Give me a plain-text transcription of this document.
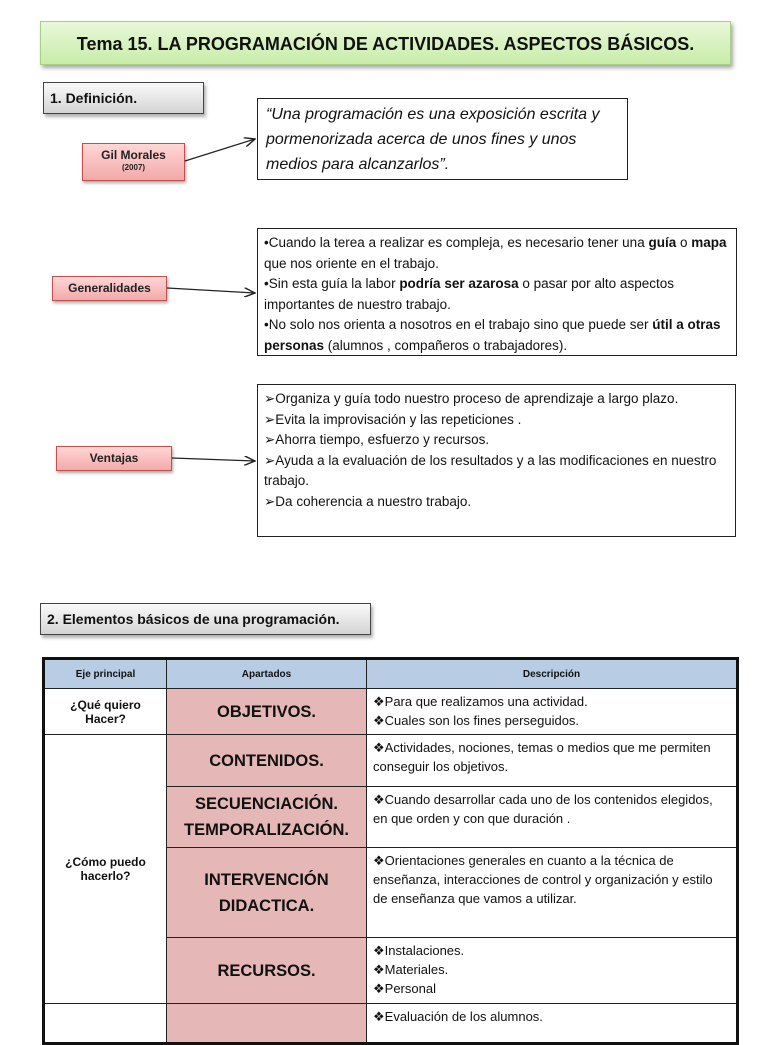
Tema 15. LA PROGRAMACIÓN DE ACTIVIDADES. ASPECTOS BÁSICOS.
1. Definición.
Gil Morales
(2007)
“Una programación es una exposición escrita y pormenorizada acerca de unos fines y unos medios para alcanzarlos”.
Generalidades

•Cuando la terea a realizar es compleja, es necesario tener una guía o mapa que nos oriente en el trabajo.

•Sin esta guía la labor podría ser azarosa o pasar por alto aspectos importantes de nuestro trabajo.

•No solo nos orienta a nosotros en el trabajo sino que puede ser útil a otras personas (alumnos , compañeros o trabajadores).

Ventajas

➢Organiza y guía todo nuestro proceso de aprendizaje a largo plazo.

➢Evita la improvisación y las repeticiones .

➢Ahorra tiempo, esfuerzo y recursos.

➢Ayuda a la evaluación de los resultados y a las modificaciones en nuestro trabajo.

➢Da coherencia a nuestro trabajo.

2. Elementos básicos de una programación.
Eje principal	Apartados	Descripción
¿Qué quiero Hacer?	OBJETIVOS.	❖Para que realizamos una actividad.
❖Cuales son los fines perseguidos.

¿Cómo puedo hacerlo?	CONTENIDOS.	❖Actividades, nociones, temas o medios que me permiten conseguir los objetivos.

	SECUENCIACIÓN. TEMPORALIZACIÓN.	❖Cuando desarrollar cada uno de los contenidos elegidos, en que orden y con que duración .

	INTERVENCIÓN DIDACTICA.	❖Orientaciones generales en cuanto a la técnica de enseñanza, interacciones de control y organización y estilo de enseñanza que vamos a utilizar.

	RECURSOS.	❖Instalaciones.
❖Materiales.
❖Personal

		❖Evaluación de los alumnos.
